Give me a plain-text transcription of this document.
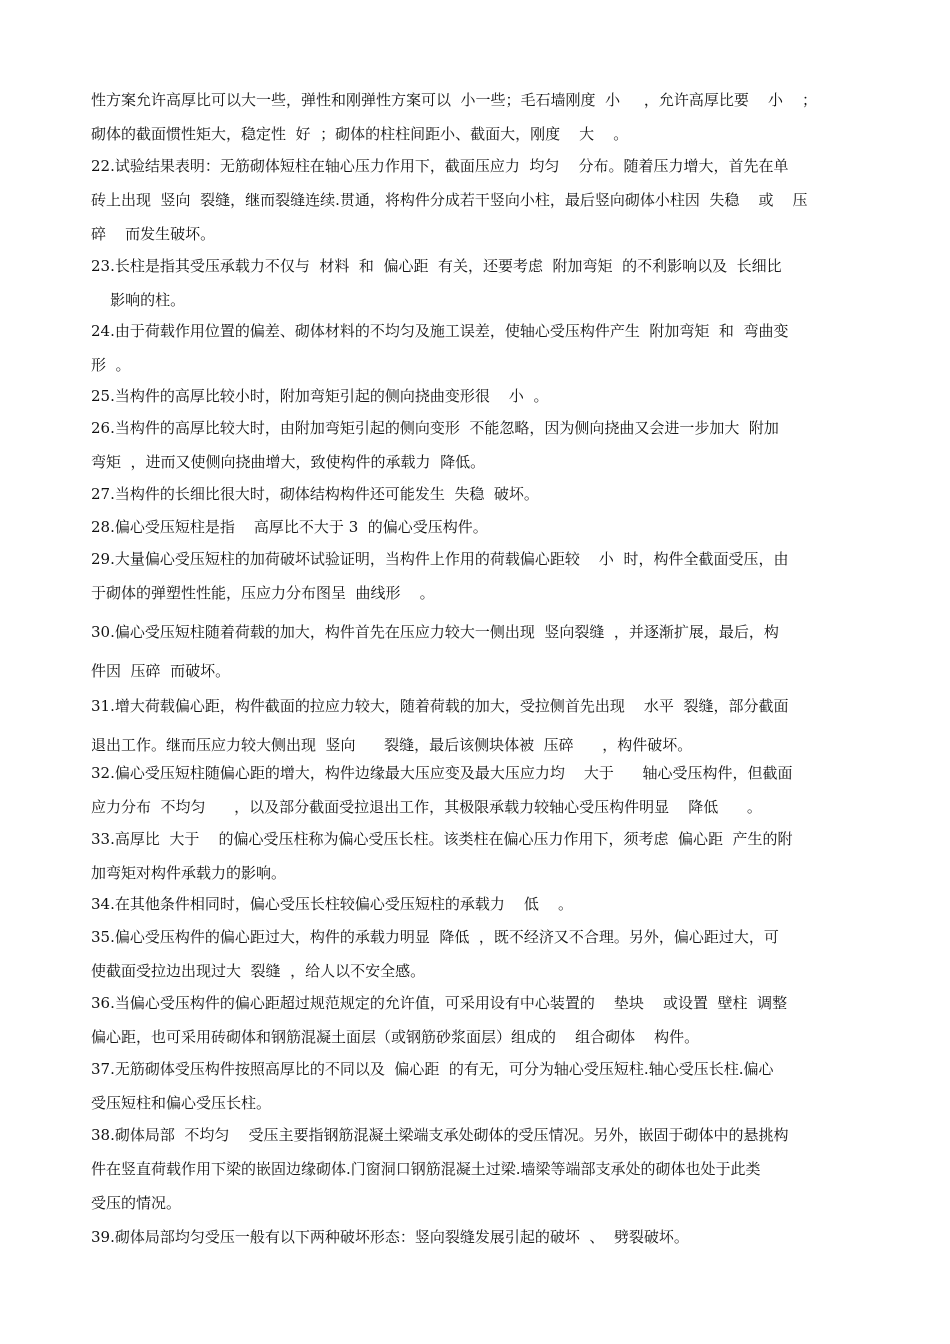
性方案允许高厚比可以大一些，弹性和刚弹性方案可以  小一些；毛石墙刚度  小     ，允许高厚比要    小    ；
砌体的截面惯性矩大，稳定性  好  ；砌体的柱柱间距小、截面大，刚度    大    。
22.试验结果表明：无筋砌体短柱在轴心压力作用下，截面压应力  均匀    分布。随着压力增大，首先在单
砖上出现  竖向  裂缝，继而裂缝连续.贯通，将构件分成若干竖向小柱，最后竖向砌体小柱因  失稳    或    压
碎    而发生破坏。
23.长柱是指其受压承载力不仅与  材料  和  偏心距  有关，还要考虑  附加弯矩  的不利影响以及  长细比
影响的柱。
24.由于荷载作用位置的偏差、砌体材料的不均匀及施工误差，使轴心受压构件产生  附加弯矩  和  弯曲变
形  。
25.当构件的高厚比较小时，附加弯矩引起的侧向挠曲变形很    小  。
26.当构件的高厚比较大时，由附加弯矩引起的侧向变形  不能忽略，因为侧向挠曲又会进一步加大  附加
弯矩  ，进而又使侧向挠曲增大，致使构件的承载力  降低。
27.当构件的长细比很大时，砌体结构构件还可能发生  失稳  破坏。
28.偏心受压短柱是指    高厚比不大于 3  的偏心受压构件。
29.大量偏心受压短柱的加荷破坏试验证明，当构件上作用的荷载偏心距较    小  时，构件全截面受压，由
于砌体的弹塑性性能，压应力分布图呈  曲线形    。
30.偏心受压短柱随着荷载的加大，构件首先在压应力较大一侧出现  竖向裂缝  ，并逐渐扩展，最后，构
件因  压碎  而破坏。
31.增大荷载偏心距，构件截面的拉应力较大，随着荷载的加大，受拉侧首先出现    水平  裂缝，部分截面
退出工作。继而压应力较大侧出现  竖向      裂缝，最后该侧块体被  压碎      ，构件破坏。
32.偏心受压短柱随偏心距的增大，构件边缘最大压应变及最大压应力均    大于      轴心受压构件，但截面
应力分布  不均匀      ，以及部分截面受拉退出工作，其极限承载力较轴心受压构件明显    降低      。
33.高厚比  大于    的偏心受压柱称为偏心受压长柱。该类柱在偏心压力作用下，须考虑  偏心距  产生的附
加弯矩对构件承载力的影响。
34.在其他条件相同时，偏心受压长柱较偏心受压短柱的承载力    低    。
35.偏心受压构件的偏心距过大，构件的承载力明显  降低  ，既不经济又不合理。另外，偏心距过大，可
使截面受拉边出现过大  裂缝  ，给人以不安全感。
36.当偏心受压构件的偏心距超过规范规定的允许值，可采用设有中心装置的    垫块    或设置  壁柱  调整
偏心距，也可采用砖砌体和钢筋混凝土面层（或钢筋砂浆面层）组成的    组合砌体    构件。
37.无筋砌体受压构件按照高厚比的不同以及  偏心距  的有无，可分为轴心受压短柱.轴心受压长柱.偏心
受压短柱和偏心受压长柱。
38.砌体局部  不均匀    受压主要指钢筋混凝土梁端支承处砌体的受压情况。另外，嵌固于砌体中的悬挑构
件在竖直荷载作用下梁的嵌固边缘砌体.门窗洞口钢筋混凝土过梁.墙梁等端部支承处的砌体也处于此类
受压的情况。
39.砌体局部均匀受压一般有以下两种破坏形态：竖向裂缝发展引起的破坏  、  劈裂破坏。
